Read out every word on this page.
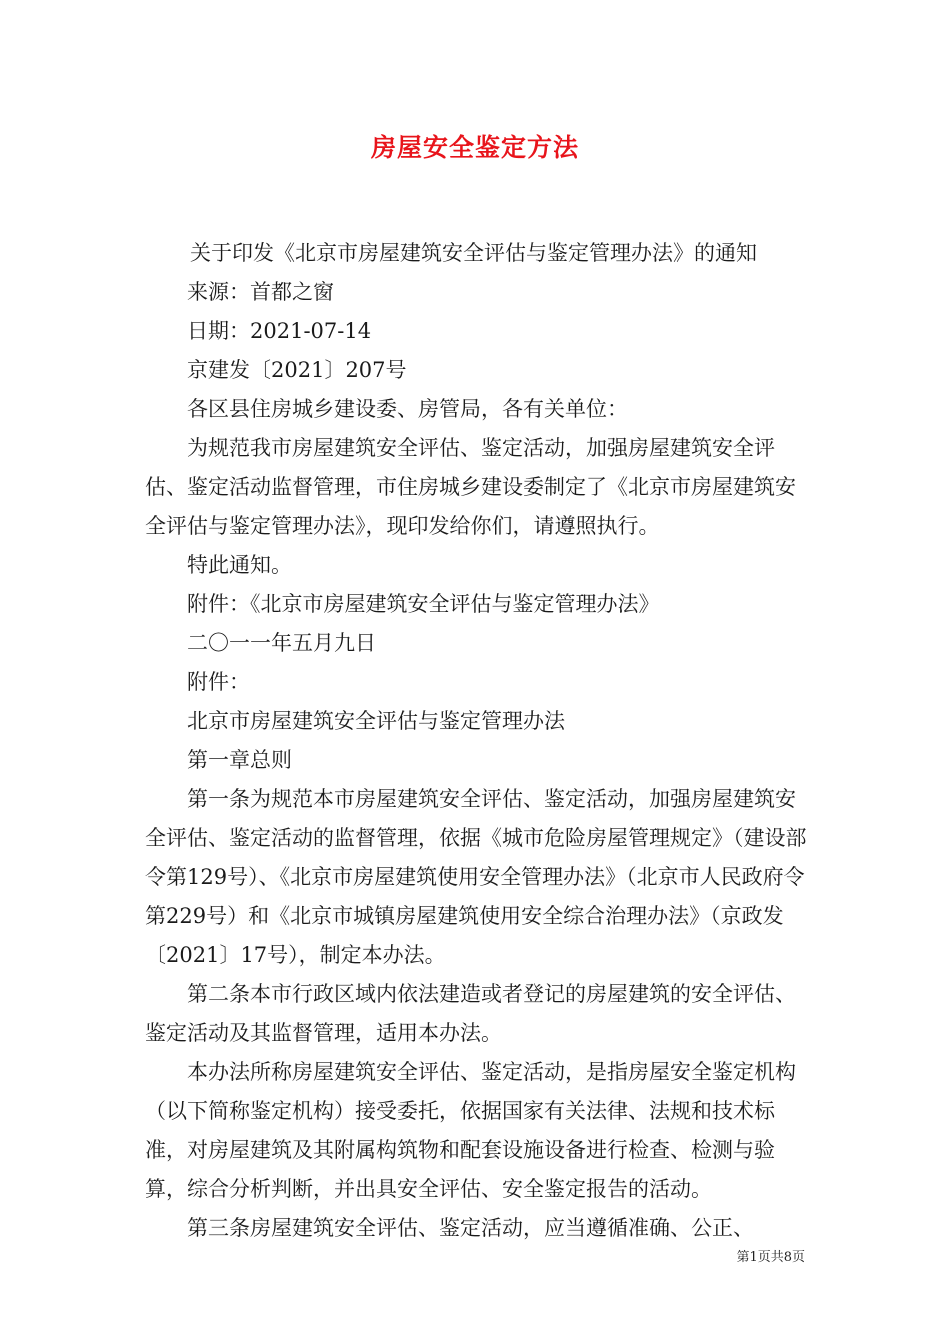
房屋安全鉴定方法

关于印发《北京市房屋建筑安全评估与鉴定管理办法》的通知

来源：首都之窗

日期：2021-07-14

京建发〔2021〕207号

各区县住房城乡建设委、房管局，各有关单位：

为规范我市房屋建筑安全评估、鉴定活动，加强房屋建筑安全评估、鉴定活动监督管理，市住房城乡建设委制定了《北京市房屋建筑安全评估与鉴定管理办法》，现印发给你们，请遵照执行。

特此通知。

附件：《北京市房屋建筑安全评估与鉴定管理办法》

二〇一一年五月九日

附件：

北京市房屋建筑安全评估与鉴定管理办法

第一章总则

第一条为规范本市房屋建筑安全评估、鉴定活动，加强房屋建筑安全评估、鉴定活动的监督管理，依据《城市危险房屋管理规定》（建设部令第129号）、《北京市房屋建筑使用安全管理办法》（北京市人民政府令第229号）和《北京市城镇房屋建筑使用安全综合治理办法》（京政发〔2021〕17号），制定本办法。

第二条本市行政区域内依法建造或者登记的房屋建筑的安全评估、鉴定活动及其监督管理，适用本办法。

本办法所称房屋建筑安全评估、鉴定活动，是指房屋安全鉴定机构（以下简称鉴定机构）接受委托，依据国家有关法律、法规和技术标准，对房屋建筑及其附属构筑物和配套设施设备进行检查、检测与验算，综合分析判断，并出具安全评估、安全鉴定报告的活动。

第三条房屋建筑安全评估、鉴定活动，应当遵循准确、公正、

第1页共8页
